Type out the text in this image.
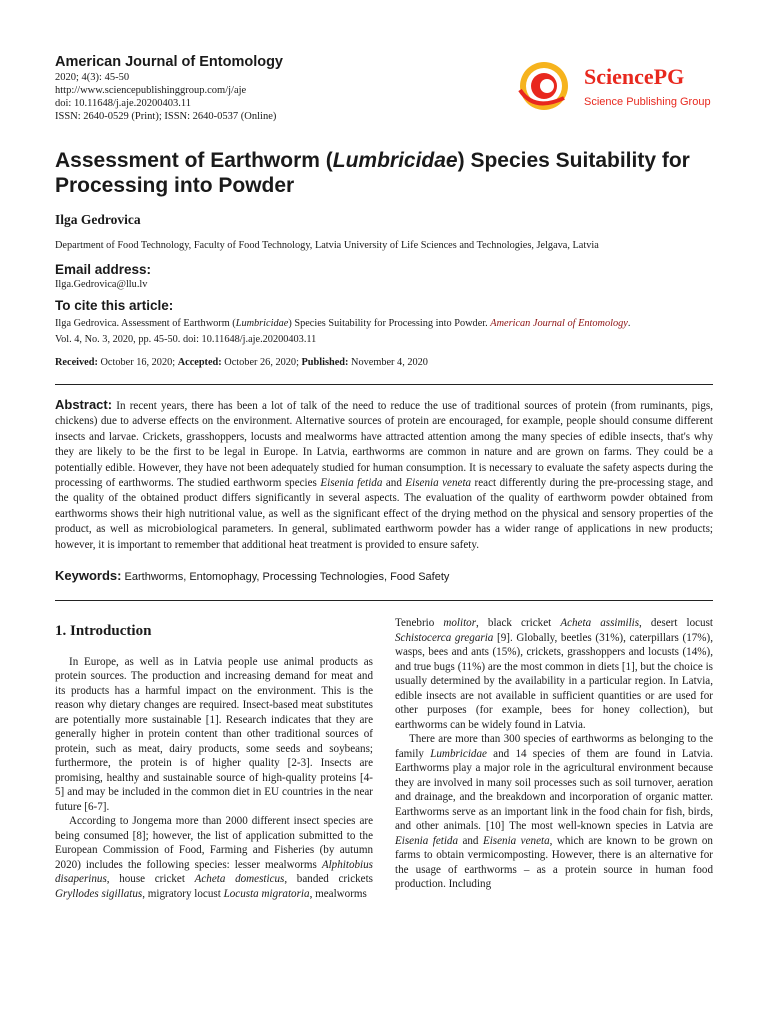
American Journal of Entomology
2020; 4(3): 45-50
http://www.sciencepublishinggroup.com/j/aje
doi: 10.11648/j.aje.20200403.11
ISSN: 2640-0529 (Print); ISSN: 2640-0537 (Online)
SciencePG
Science Publishing Group
Assessment of Earthworm (Lumbricidae) Species Suitability for Processing into Powder
Ilga Gedrovica
Department of Food Technology, Faculty of Food Technology, Latvia University of Life Sciences and Technologies, Jelgava, Latvia
Email address:
Ilga.Gedrovica@llu.lv
To cite this article:
Ilga Gedrovica. Assessment of Earthworm (Lumbricidae) Species Suitability for Processing into Powder. American Journal of Entomology.
Vol. 4, No. 3, 2020, pp. 45-50. doi: 10.11648/j.aje.20200403.11
Received: October 16, 2020; Accepted: October 26, 2020; Published: November 4, 2020
Abstract: In recent years, there has been a lot of talk of the need to reduce the use of traditional sources of protein (from ruminants, pigs, chickens) due to adverse effects on the environment. Alternative sources of protein are encouraged, for example, people should consume different insects and larvae. Crickets, grasshoppers, locusts and mealworms have attracted attention among the many species of edible insects, that's why they are likely to be the first to be legal in Europe. In Latvia, earthworms are common in nature and are grown on farms. They could be a potentially edible. However, they have not been adequately studied for human consumption. It is necessary to evaluate the safety aspects during the processing of earthworms. The studied earthworm species Eisenia fetida and Eisenia veneta react differently during the pre-processing stage, and the quality of the obtained product differs significantly in several aspects. The evaluation of the quality of earthworm powder obtained from earthworms shows their high nutritional value, as well as the significant effect of the drying method on the physical and sensory properties of the product, as well as microbiological parameters. In general, sublimated earthworm powder has a wider range of applications in new products; however, it is important to remember that additional heat treatment is provided to ensure safety.
Keywords: Earthworms, Entomophagy, Processing Technologies, Food Safety
1. Introduction

In Europe, as well as in Latvia people use animal products as protein sources. The production and increasing demand for meat and its products has a harmful impact on the environment. This is the reason why dietary changes are required. Insect-based meat substitutes are potentially more sustainable [1]. Research indicates that they are generally higher in protein content than other traditional sources of protein, such as meat, dairy products, some seeds and soybeans; furthermore, the protein is of higher quality [2-3]. Insects are promising, healthy and sustainable source of high-quality proteins [4-5] and may be included in the common diet in EU countries in the near future [6-7].

According to Jongema more than 2000 different insect species are being consumed [8]; however, the list of application submitted to the European Commission of Food, Farming and Fisheries (by autumn 2020) includes the following species: lesser mealworms Alphitobius disaperinus, house cricket Acheta domesticus, banded crickets Gryllodes sigillatus, migratory locust Locusta migratoria, mealworms

Tenebrio molitor, black cricket Acheta assimilis, desert locust Schistocerca gregaria [9]. Globally, beetles (31%), caterpillars (17%), wasps, bees and ants (15%), crickets, grasshoppers and locusts (14%), and true bugs (11%) are the most common in diets [1], but the choice is usually determined by the availability in a particular region. In Latvia, edible insects are not available in sufficient quantities or are used for other purposes (for example, bees for honey collection), but earthworms can be widely found in Latvia.

There are more than 300 species of earthworms as belonging to the family Lumbricidae and 14 species of them are found in Latvia. Earthworms play a major role in the agricultural environment because they are involved in many soil processes such as soil turnover, aeration and drainage, and the breakdown and incorporation of organic matter. Earthworms serve as an important link in the food chain for fish, birds, and other animals. [10] The most well-known species in Latvia are Eisenia fetida and Eisenia veneta, which are known to be grown on farms to obtain vermicomposting. However, there is an alternative for the usage of earthworms – as a protein source in human food production. Including
